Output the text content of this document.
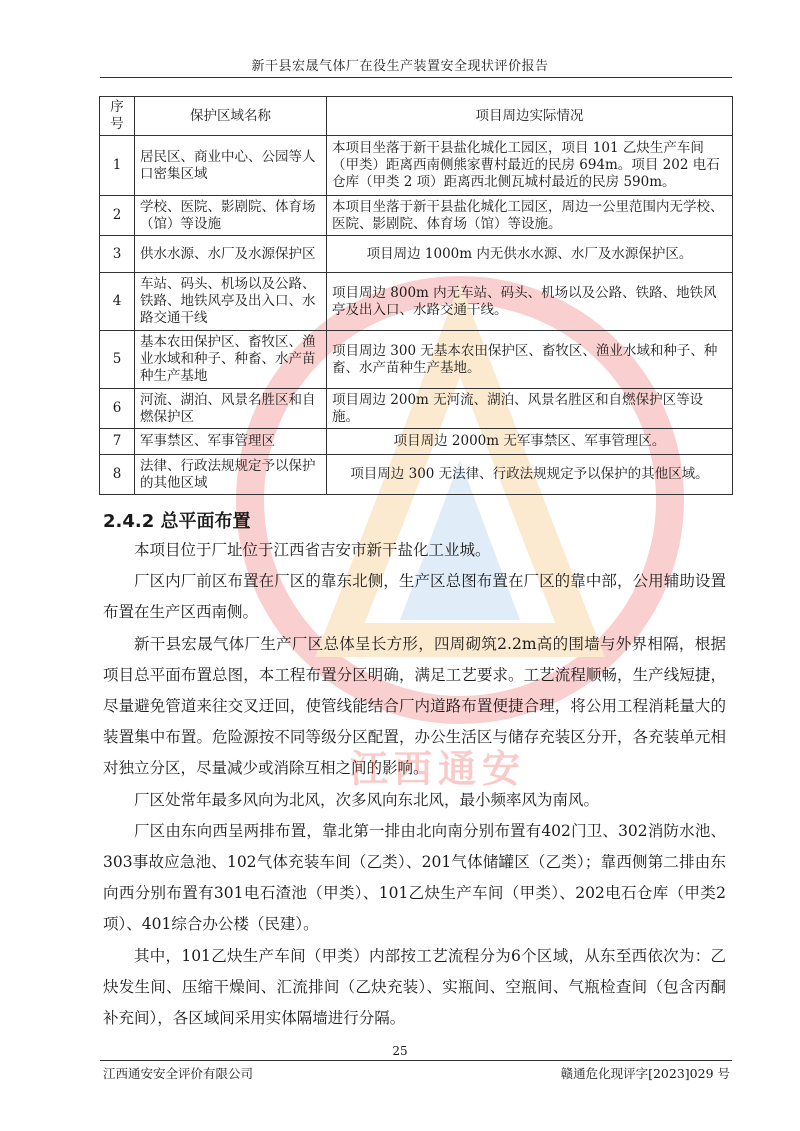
新干县宏晟气体厂在役生产装置安全现状评价报告
序号	保护区域名称	项目周边实际情况
1	居民区、商业中心、公园等人口密集区域	本项目坐落于新干县盐化城化工园区，项目 101 乙炔生产车间（甲类）距离西南侧熊家曹村最近的民房 694m。项目 202 电石仓库（甲类 2 项）距离西北侧瓦城村最近的民房 590m。
2	学校、医院、影剧院、体育场（馆）等设施	本项目坐落于新干县盐化城化工园区，周边一公里范围内无学校、医院、影剧院、体育场（馆）等设施。
3	供水水源、水厂及水源保护区	项目周边 1000m 内无供水水源、水厂及水源保护区。
4	车站、码头、机场以及公路、铁路、地铁风亭及出入口、水路交通干线	项目周边 800m 内无车站、码头、机场以及公路、铁路、地铁风亭及出入口、水路交通干线。
5	基本农田保护区、畜牧区、渔业水域和种子、种畜、水产苗种生产基地	项目周边 300 无基本农田保护区、畜牧区、渔业水域和种子、种畜、水产苗种生产基地。
6	河流、湖泊、风景名胜区和自燃保护区	项目周边 200m 无河流、湖泊、风景名胜区和自燃保护区等设施。
7	军事禁区、军事管理区	项目周边 2000m 无军事禁区、军事管理区。
8	法律、行政法规规定予以保护的其他区域	项目周边 300 无法律、行政法规规定予以保护的其他区域。
2.4.2 总平面布置

本项目位于厂址位于江西省吉安市新干盐化工业城。

厂区内厂前区布置在厂区的靠东北侧，生产区总图布置在厂区的靠中部，公用辅助设置布置在生产区西南侧。

新干县宏晟气体厂生产厂区总体呈长方形，四周砌筑2.2m高的围墙与外界相隔，根据项目总平面布置总图，本工程布置分区明确，满足工艺要求。工艺流程顺畅，生产线短捷，尽量避免管道来往交叉迂回，使管线能结合厂内道路布置便捷合理，将公用工程消耗量大的装置集中布置。危险源按不同等级分区配置，办公生活区与储存充装区分开，各充装单元相对独立分区，尽量减少或消除互相之间的影响。

厂区处常年最多风向为北风，次多风向东北风，最小频率风为南风。

厂区由东向西呈两排布置，靠北第一排由北向南分别布置有402门卫、302消防水池、303事故应急池、102气体充装车间（乙类）、201气体储罐区（乙类）；靠西侧第二排由东向西分别布置有301电石渣池（甲类）、101乙炔生产车间（甲类）、202电石仓库（甲类2项）、401综合办公楼（民建）。

其中，101乙炔生产车间（甲类）内部按工艺流程分为6个区域，从东至西依次为：乙炔发生间、压缩干燥间、汇流排间（乙炔充装）、实瓶间、空瓶间、气瓶检查间（包含丙酮补充间），各区域间采用实体隔墙进行分隔。

江西通安
25
江西通安安全评价有限公司	赣通危化现评字[2023]029 号
